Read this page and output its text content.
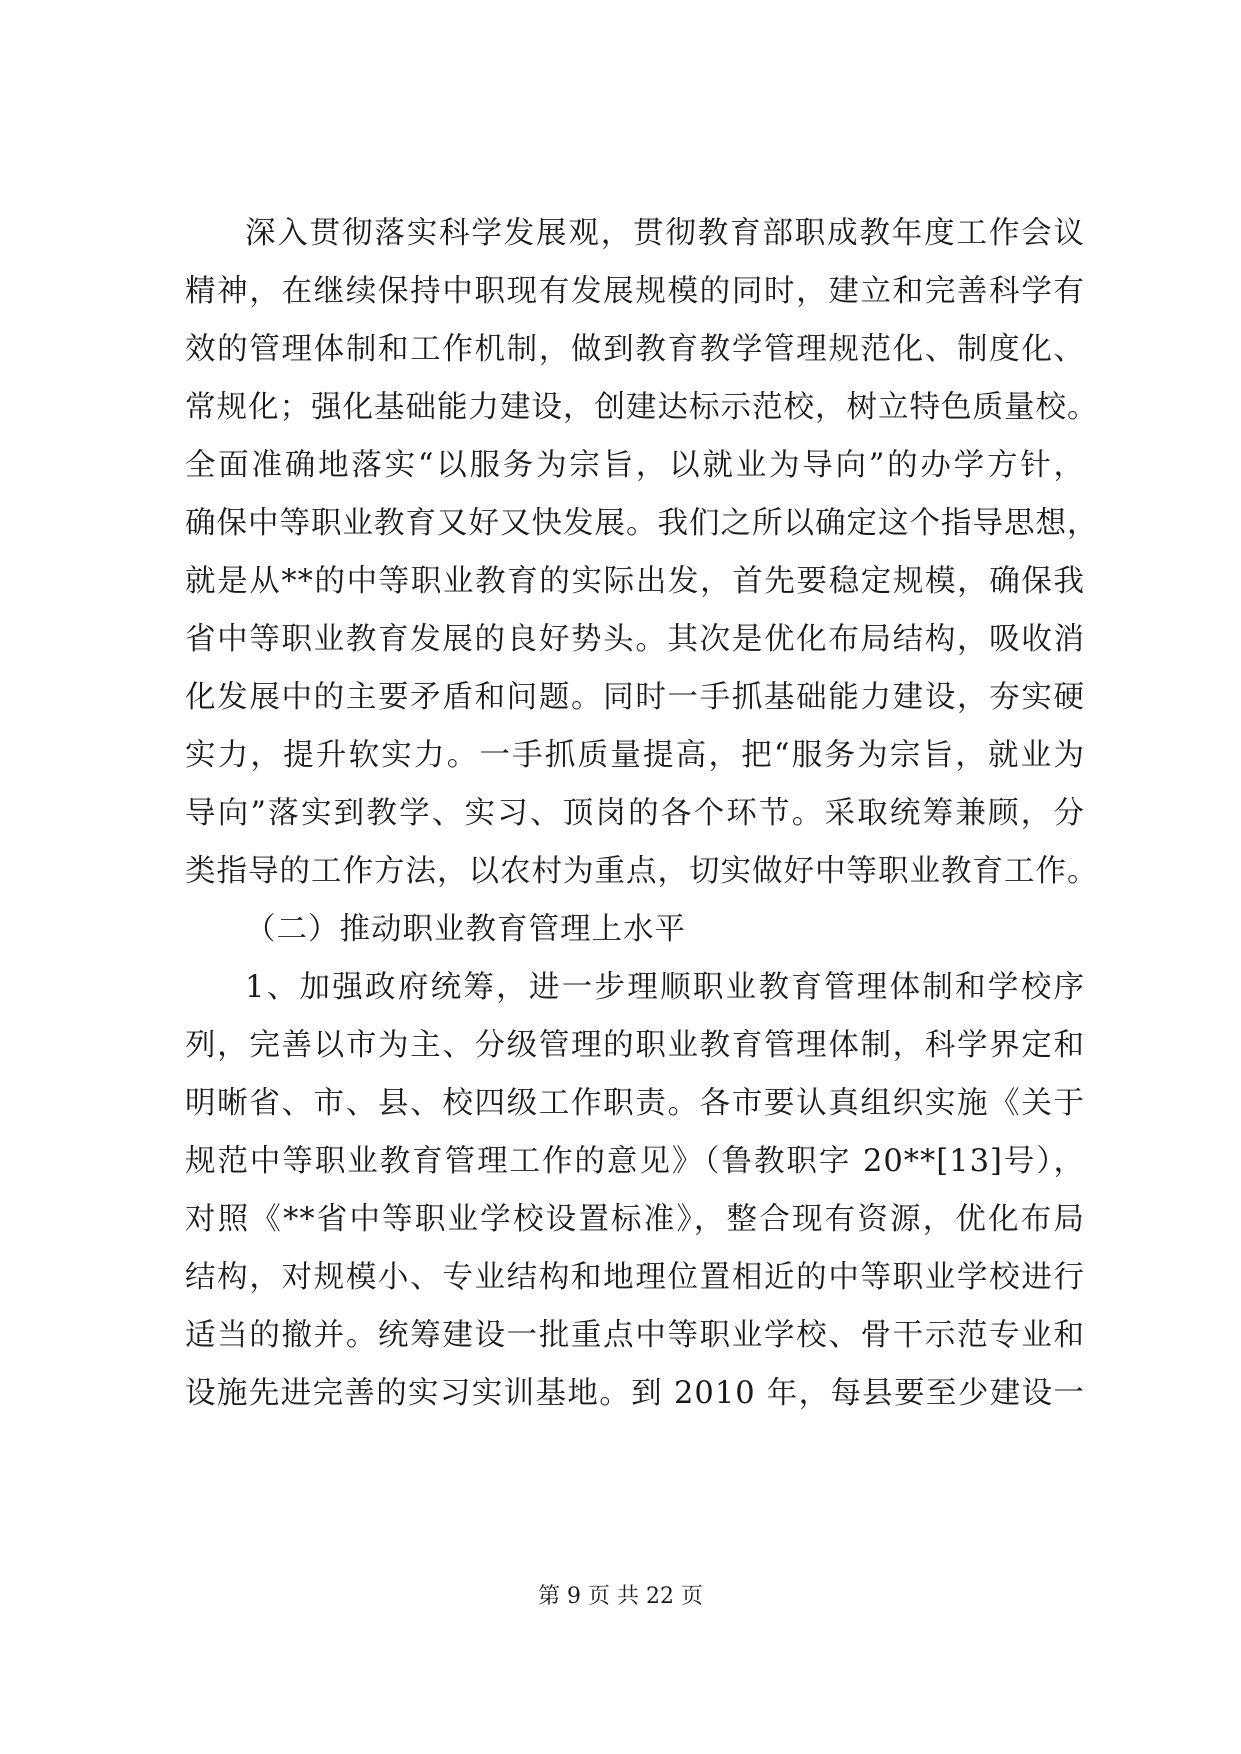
深入贯彻落实科学发展观，贯彻教育部职成教年度工作会议
精神，在继续保持中职现有发展规模的同时，建立和完善科学有
效的管理体制和工作机制，做到教育教学管理规范化、制度化、
常规化；强化基础能力建设，创建达标示范校，树立特色质量校。
全面准确地落实“以服务为宗旨，以就业为导向”的办学方针，
确保中等职业教育又好又快发展。我们之所以确定这个指导思想，
就是从**的中等职业教育的实际出发，首先要稳定规模，确保我
省中等职业教育发展的良好势头。其次是优化布局结构，吸收消
化发展中的主要矛盾和问题。同时一手抓基础能力建设，夯实硬
实力，提升软实力。一手抓质量提高，把“服务为宗旨，就业为
导向”落实到教学、实习、顶岗的各个环节。采取统筹兼顾，分
类指导的工作方法，以农村为重点，切实做好中等职业教育工作。
（二）推动职业教育管理上水平
1、加强政府统筹，进一步理顺职业教育管理体制和学校序
列，完善以市为主、分级管理的职业教育管理体制，科学界定和
明晰省、市、县、校四级工作职责。各市要认真组织实施《关于
规范中等职业教育管理工作的意见》（鲁教职字 20**[13]号），
对照《**省中等职业学校设置标准》，整合现有资源，优化布局
结构，对规模小、专业结构和地理位置相近的中等职业学校进行
适当的撤并。统筹建设一批重点中等职业学校、骨干示范专业和
设施先进完善的实习实训基地。到 2010 年，每县要至少建设一
第 9 页 共 22 页
